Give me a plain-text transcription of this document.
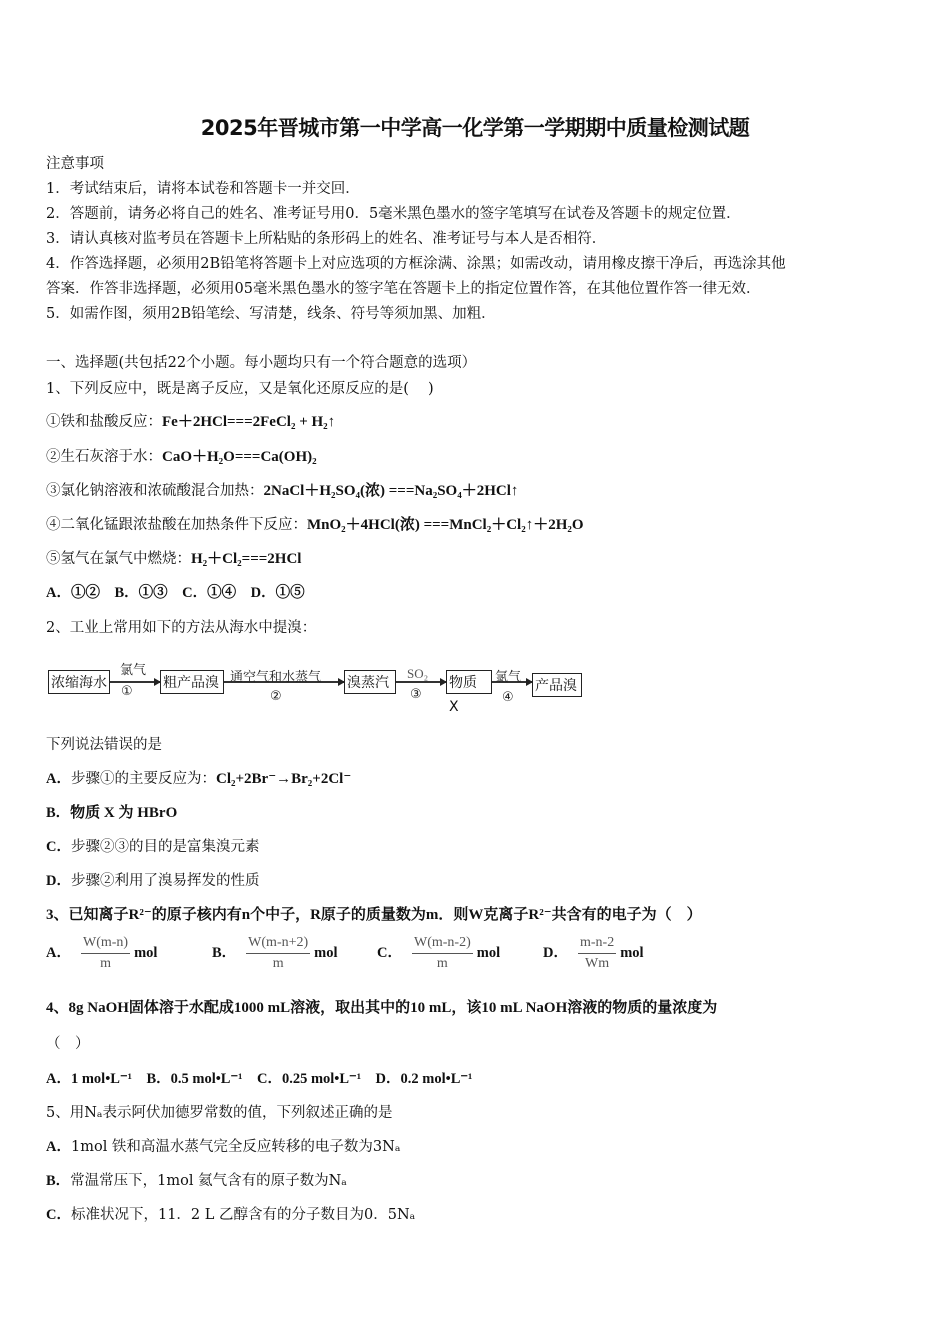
2025年晋城市第一中学高一化学第一学期期中质量检测试题
注意事项
1．考试结束后，请将本试卷和答题卡一并交回．
2．答题前，请务必将自己的姓名、准考证号用0．5毫米黑色墨水的签字笔填写在试卷及答题卡的规定位置．
3．请认真核对监考员在答题卡上所粘贴的条形码上的姓名、准考证号与本人是否相符．
4．作答选择题，必须用2B铅笔将答题卡上对应选项的方框涂满、涂黑；如需改动，请用橡皮擦干净后，再选涂其他
答案．作答非选择题，必须用05毫米黑色墨水的签字笔在答题卡上的指定位置作答，在其他位置作答一律无效．
5．如需作图，须用2B铅笔绘、写清楚，线条、符号等须加黑、加粗．
一、选择题(共包括22个小题。每小题均只有一个符合题意的选项）
1、下列反应中，既是离子反应，又是氧化还原反应的是(　 )
①铁和盐酸反应：Fe＋2HCl===2FeCl₂ + H₂↑
②生石灰溶于水：CaO＋H₂O===Ca(OH)₂
③氯化钠溶液和浓硫酸混合加热：2NaCl＋H₂SO₄(浓) ===Na₂SO₄＋2HCl↑
④二氧化锰跟浓盐酸在加热条件下反应：MnO₂＋4HCl(浓) ===MnCl₂＋Cl₂↑＋2H₂O
⑤氢气在氯气中燃烧：H₂＋Cl₂===2HCl
A．①②　B．①③　C．①④　D．①⑤
2、工业上常用如下的方法从海水中提溴：
浓缩海水
氯气
①
粗产品溴 通空气和水蒸气
②
溴蒸汽
SO₂
③
物质 X
氯气
④
产品溴
下列说法错误的是
A．步骤①的主要反应为：Cl₂+2Br⁻→Br₂+2Cl⁻
B．物质 X 为 HBrO
C．步骤②③的目的是富集溴元素
D．步骤②利用了溴易挥发的性质
3、已知离子R²⁻的原子核内有n个中子，R原子的质量数为m．则W克离子R²⁻共含有的电子为（　）
A． $\frac{W(m-n)}{m}$ mol	B． $\frac{W(m-n+2)}{m}$ mol	C． $\frac{W(m-n-2)}{m}$ mol	D． $\frac{m-n-2}{Wm}$ mol
4、8g NaOH固体溶于水配成1000 mL溶液，取出其中的10 mL，该10 mL NaOH溶液的物质的量浓度为
（　）
A．1 mol•L⁻¹　B．0.5 mol•L⁻¹　C．0.25 mol•L⁻¹　D．0.2 mol•L⁻¹
5、用Nₐ表示阿伏加德罗常数的值，下列叙述正确的是
A．1mol 铁和高温水蒸气完全反应转移的电子数为3Nₐ
B．常温常压下，1mol 氦气含有的原子数为Nₐ
C．标准状况下，11．2 L 乙醇含有的分子数目为0．5Nₐ
